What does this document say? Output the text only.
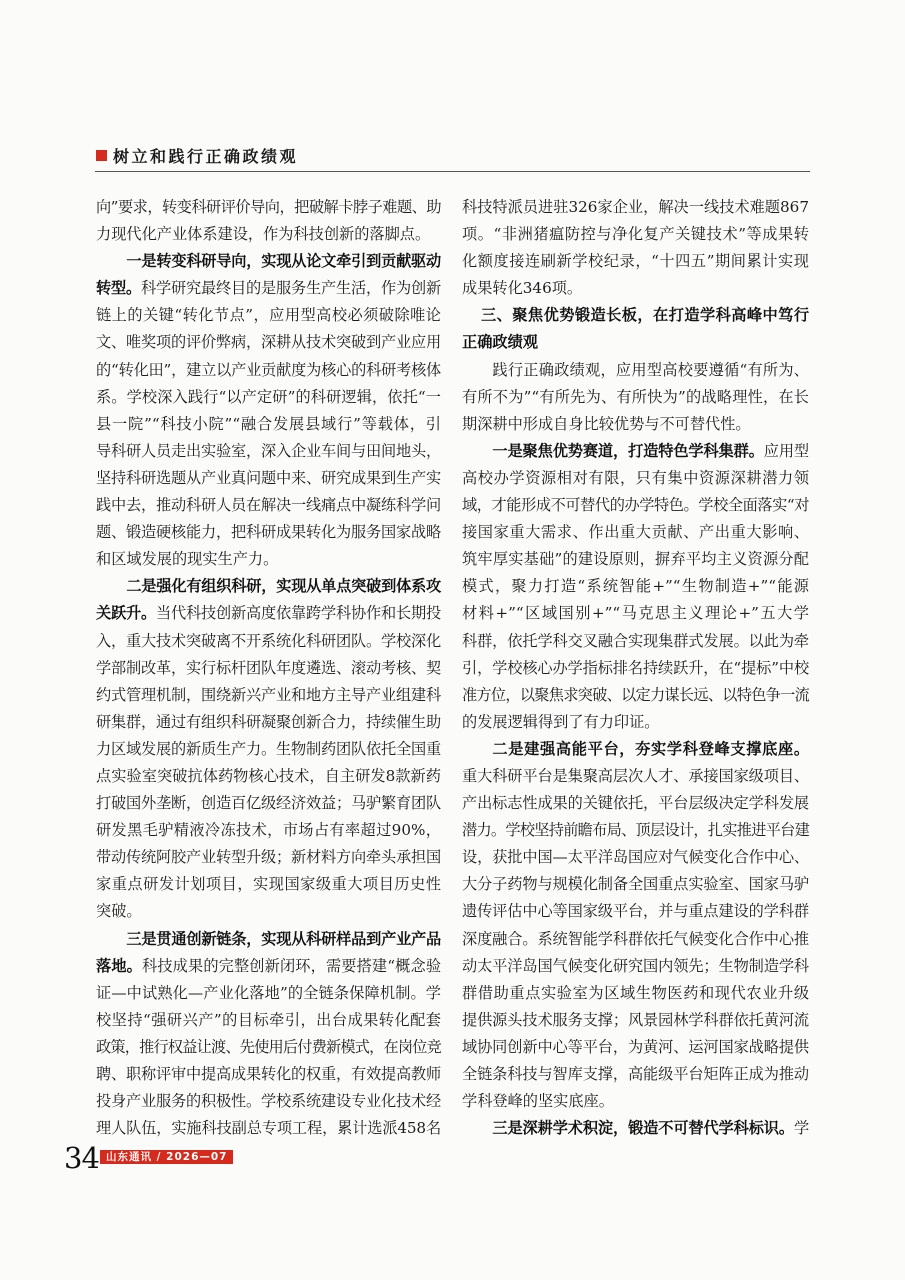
树立和践行正确政绩观
向”要求，转变科研评价导向，把破解卡脖子难题、助
力现代化产业体系建设，作为科技创新的落脚点。
一是转变科研导向，实现从论文牵引到贡献驱动
转型。科学研究最终目的是服务生产生活，作为创新
链上的关键“转化节点”，应用型高校必须破除唯论
文、唯奖项的评价弊病，深耕从技术突破到产业应用
的“转化田”，建立以产业贡献度为核心的科研考核体
系。学校深入践行“以产定研”的科研逻辑，依托“一
县一院”“科技小院”“融合发展县域行”等载体，引
导科研人员走出实验室，深入企业车间与田间地头，
坚持科研选题从产业真问题中来、研究成果到生产实
践中去，推动科研人员在解决一线痛点中凝练科学问
题、锻造硬核能力，把科研成果转化为服务国家战略
和区域发展的现实生产力。
二是强化有组织科研，实现从单点突破到体系攻
关跃升。当代科技创新高度依靠跨学科协作和长期投
入，重大技术突破离不开系统化科研团队。学校深化
学部制改革，实行标杆团队年度遴选、滚动考核、契
约式管理机制，围绕新兴产业和地方主导产业组建科
研集群，通过有组织科研凝聚创新合力，持续催生助
力区域发展的新质生产力。生物制药团队依托全国重
点实验室突破抗体药物核心技术，自主研发8款新药
打破国外垄断，创造百亿级经济效益；马驴繁育团队
研发黑毛驴精液冷冻技术，市场占有率超过90%，
带动传统阿胶产业转型升级；新材料方向牵头承担国
家重点研发计划项目，实现国家级重大项目历史性
突破。
三是贯通创新链条，实现从科研样品到产业产品
落地。科技成果的完整创新闭环，需要搭建“概念验
证—中试熟化—产业化落地”的全链条保障机制。学
校坚持“强研兴产”的目标牵引，出台成果转化配套
政策，推行权益让渡、先使用后付费新模式，在岗位竞
聘、职称评审中提高成果转化的权重，有效提高教师
投身产业服务的积极性。学校系统建设专业化技术经
理人队伍，实施科技副总专项工程，累计选派458名
科技特派员进驻326家企业，解决一线技术难题867
项。“非洲猪瘟防控与净化复产关键技术”等成果转
化额度接连刷新学校纪录，“十四五”期间累计实现
成果转化346项。
三、聚焦优势锻造长板，在打造学科高峰中笃行
正确政绩观
践行正确政绩观，应用型高校要遵循“有所为、
有所不为”“有所先为、有所快为”的战略理性，在长
期深耕中形成自身比较优势与不可替代性。
一是聚焦优势赛道，打造特色学科集群。应用型
高校办学资源相对有限，只有集中资源深耕潜力领
域，才能形成不可替代的办学特色。学校全面落实“对
接国家重大需求、作出重大贡献、产出重大影响、
筑牢厚实基础”的建设原则，摒弃平均主义资源分配
模式，聚力打造“系统智能+”“生物制造+”“能源
材料+”“区域国别+”“马克思主义理论+”五大学
科群，依托学科交叉融合实现集群式发展。以此为牵
引，学校核心办学指标排名持续跃升，在“提标”中校
准方位，以聚焦求突破、以定力谋长远、以特色争一流
的发展逻辑得到了有力印证。
二是建强高能平台，夯实学科登峰支撑底座。
重大科研平台是集聚高层次人才、承接国家级项目、
产出标志性成果的关键依托，平台层级决定学科发展
潜力。学校坚持前瞻布局、顶层设计，扎实推进平台建
设，获批中国—太平洋岛国应对气候变化合作中心、
大分子药物与规模化制备全国重点实验室、国家马驴
遗传评估中心等国家级平台，并与重点建设的学科群
深度融合。系统智能学科群依托气候变化合作中心推
动太平洋岛国气候变化研究国内领先；生物制造学科
群借助重点实验室为区域生物医药和现代农业升级
提供源头技术服务支撑；风景园林学科群依托黄河流
域协同创新中心等平台，为黄河、运河国家战略提供
全链条科技与智库支撑，高能级平台矩阵正成为推动
学科登峰的坚实底座。
三是深耕学术积淀，锻造不可替代学科标识。学
34 山东通讯 / 2026—07
